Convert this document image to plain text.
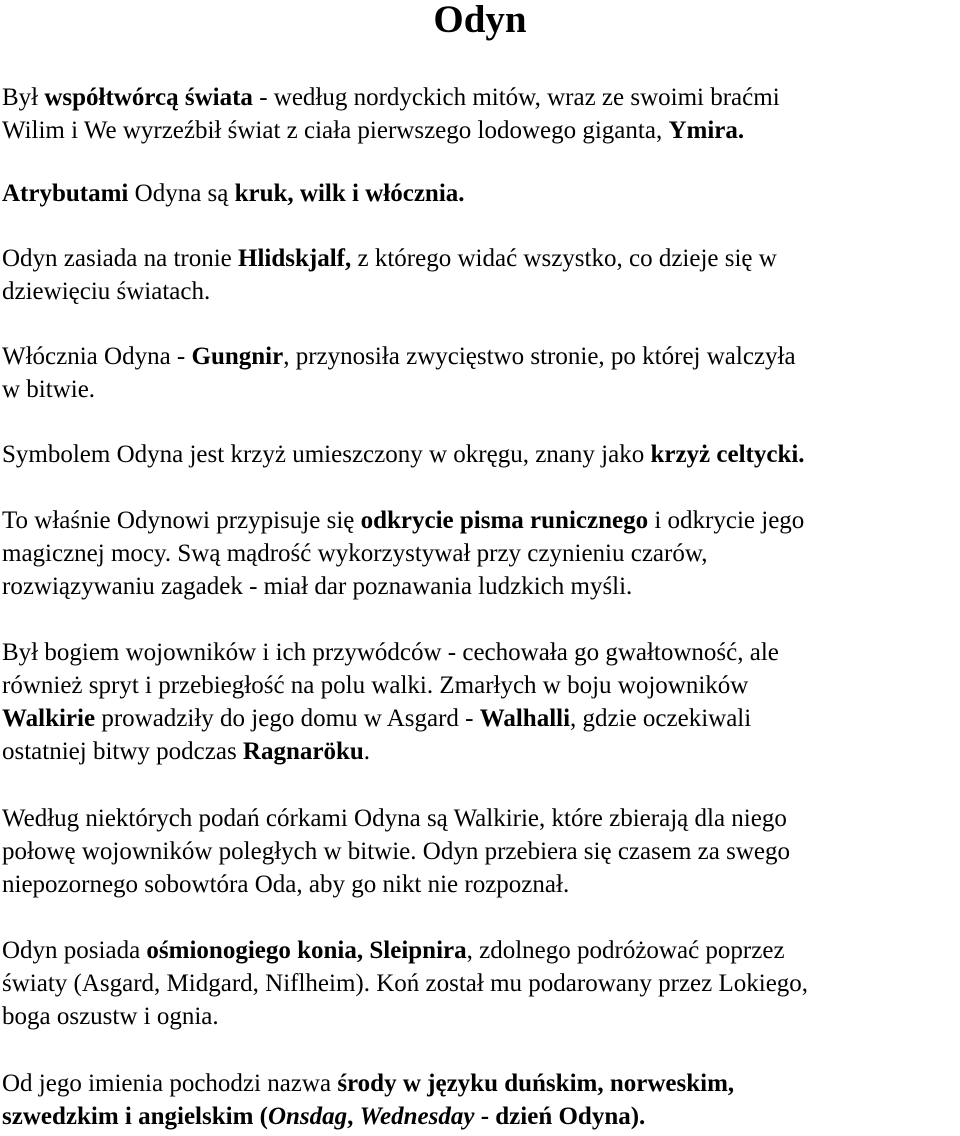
Odyn

Był współtwórcą świata - według nordyckich mitów, wraz ze swoimi braćmi
Wilim i We wyrzeźbił świat z ciała pierwszego lodowego giganta, Ymira.

Atrybutami Odyna są kruk, wilk i włócznia.

Odyn zasiada na tronie Hlidskjalf, z którego widać wszystko, co dzieje się w
dziewięciu światach.

Włócznia Odyna - Gungnir, przynosiła zwycięstwo stronie, po której walczyła
w bitwie.

Symbolem Odyna jest krzyż umieszczony w okręgu, znany jako krzyż celtycki.

To właśnie Odynowi przypisuje się odkrycie pisma runicznego i odkrycie jego
magicznej mocy. Swą mądrość wykorzystywał przy czynieniu czarów,
rozwiązywaniu zagadek - miał dar poznawania ludzkich myśli.

Był bogiem wojowników i ich przywódców - cechowała go gwałtowność, ale
również spryt i przebiegłość na polu walki. Zmarłych w boju wojowników
Walkirie prowadziły do jego domu w Asgard - Walhalli, gdzie oczekiwali
ostatniej bitwy podczas Ragnaröku.

Według niektórych podań córkami Odyna są Walkirie, które zbierają dla niego
połowę wojowników poległych w bitwie. Odyn przebiera się czasem za swego
niepozornego sobowtóra Oda, aby go nikt nie rozpoznał.

Odyn posiada ośmionogiego konia, Sleipnira, zdolnego podróżować poprzez
światy (Asgard, Midgard, Niflheim). Koń został mu podarowany przez Lokiego,
boga oszustw i ognia.

Od jego imienia pochodzi nazwa środy w języku duńskim, norweskim,
szwedzkim i angielskim (Onsdag, Wednesday - dzień Odyna).
